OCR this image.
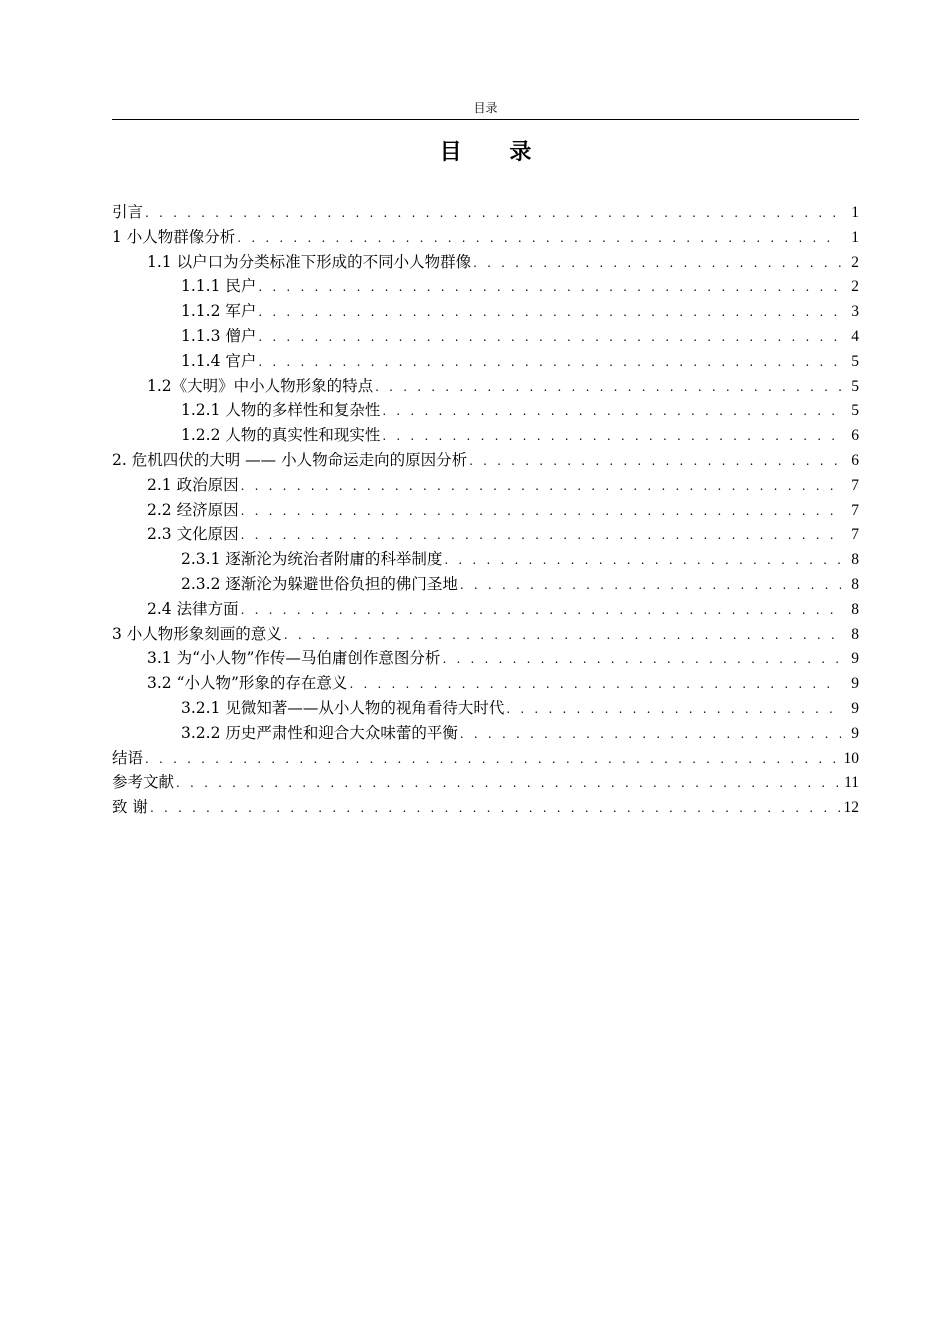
目录
目 录
引言 . . .	1
1 小人物群像分析 . . .	1
1.1 以户口为分类标准下形成的不同小人物群像 . . .	2
1.1.1 民户 . . .	2
1.1.2 军户 . . .	3
1.1.3 僧户 . . .	4
1.1.4 官户 . . .	5
1.2《大明》中小人物形象的特点 . . .	5
1.2.1 人物的多样性和复杂性 . . .	5
1.2.2 人物的真实性和现实性 . . .	6
2. 危机四伏的大明 —— 小人物命运走向的原因分析 . . .	6
2.1 政治原因 . . .	7
2.2 经济原因 . . .	7
2.3 文化原因 . . .	7
2.3.1 逐渐沦为统治者附庸的科举制度 . . .	8
2.3.2 逐渐沦为躲避世俗负担的佛门圣地 . . .	8
2.4 法律方面 . . .	8
3 小人物形象刻画的意义 . . .	8
3.1 为“小人物”作传—马伯庸创作意图分析 . . .	9
3.2 “小人物”形象的存在意义 . . .	9
3.2.1 见微知著——从小人物的视角看待大时代 . . .	9
3.2.2 历史严肃性和迎合大众味蕾的平衡 . . .	9
结语 . . .	10
参考文献 . . .	11
致 谢 . . .	12
